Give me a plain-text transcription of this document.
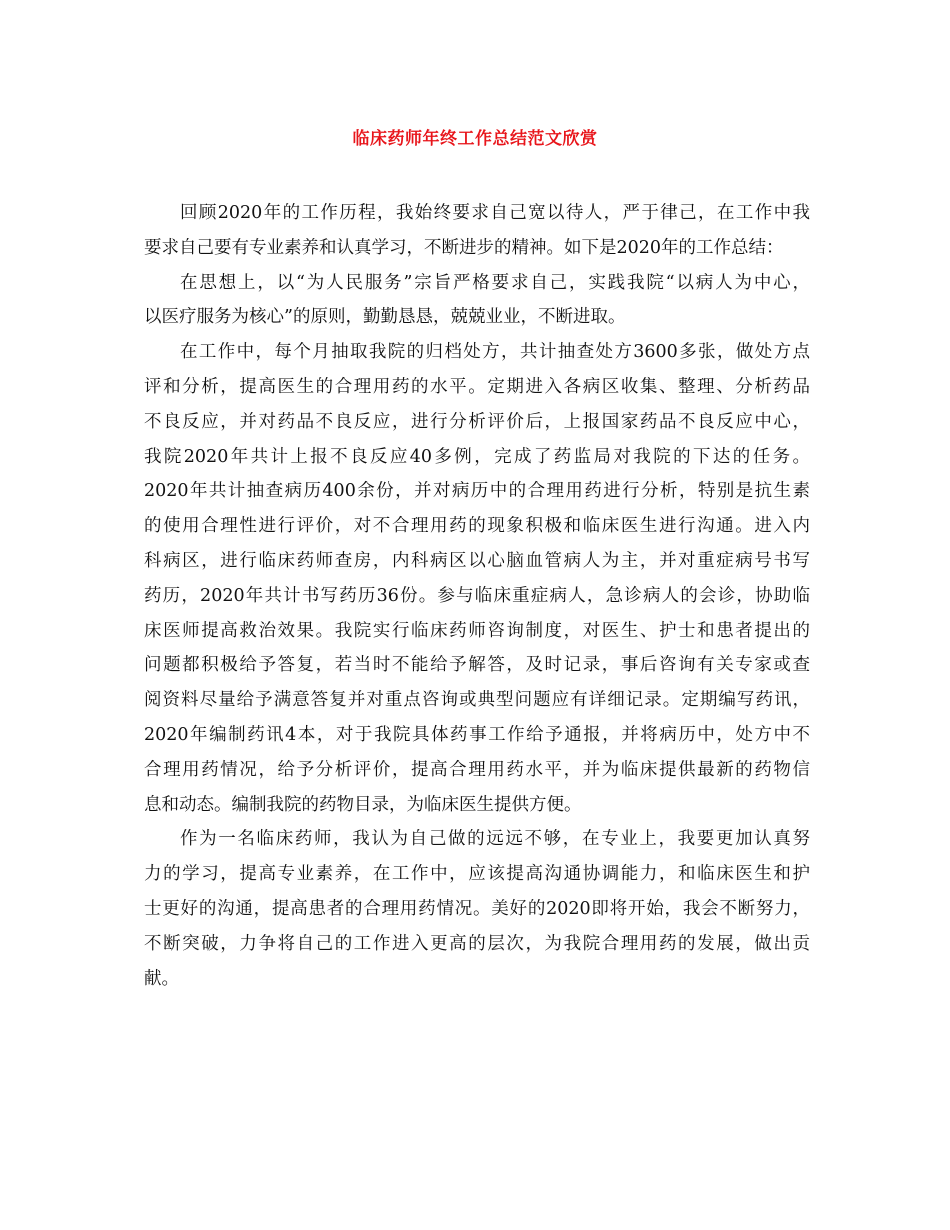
临床药师年终工作总结范文欣赏
回顾2020年的工作历程，我始终要求自己宽以待人，严于律己，在工作中我
要求自己要有专业素养和认真学习，不断进步的精神。如下是2020年的工作总结：
在思想上，以“为人民服务”宗旨严格要求自己，实践我院“以病人为中心，
以医疗服务为核心”的原则，勤勤恳恳，兢兢业业，不断进取。
在工作中，每个月抽取我院的归档处方，共计抽查处方3600多张，做处方点
评和分析，提高医生的合理用药的水平。定期进入各病区收集、整理、分析药品
不良反应，并对药品不良反应，进行分析评价后，上报国家药品不良反应中心，
我院2020年共计上报不良反应40多例，完成了药监局对我院的下达的任务。
2020年共计抽查病历400余份，并对病历中的合理用药进行分析，特别是抗生素
的使用合理性进行评价，对不合理用药的现象积极和临床医生进行沟通。进入内
科病区，进行临床药师查房，内科病区以心脑血管病人为主，并对重症病号书写
药历，2020年共计书写药历36份。参与临床重症病人，急诊病人的会诊，协助临
床医师提高救治效果。我院实行临床药师咨询制度，对医生、护士和患者提出的
问题都积极给予答复，若当时不能给予解答，及时记录，事后咨询有关专家或查
阅资料尽量给予满意答复并对重点咨询或典型问题应有详细记录。定期编写药讯，
2020年编制药讯4本，对于我院具体药事工作给予通报，并将病历中，处方中不
合理用药情况，给予分析评价，提高合理用药水平，并为临床提供最新的药物信
息和动态。编制我院的药物目录，为临床医生提供方便。
作为一名临床药师，我认为自己做的远远不够，在专业上，我要更加认真努
力的学习，提高专业素养，在工作中，应该提高沟通协调能力，和临床医生和护
士更好的沟通，提高患者的合理用药情况。美好的2020即将开始，我会不断努力，
不断突破，力争将自己的工作进入更高的层次，为我院合理用药的发展，做出贡
献。
